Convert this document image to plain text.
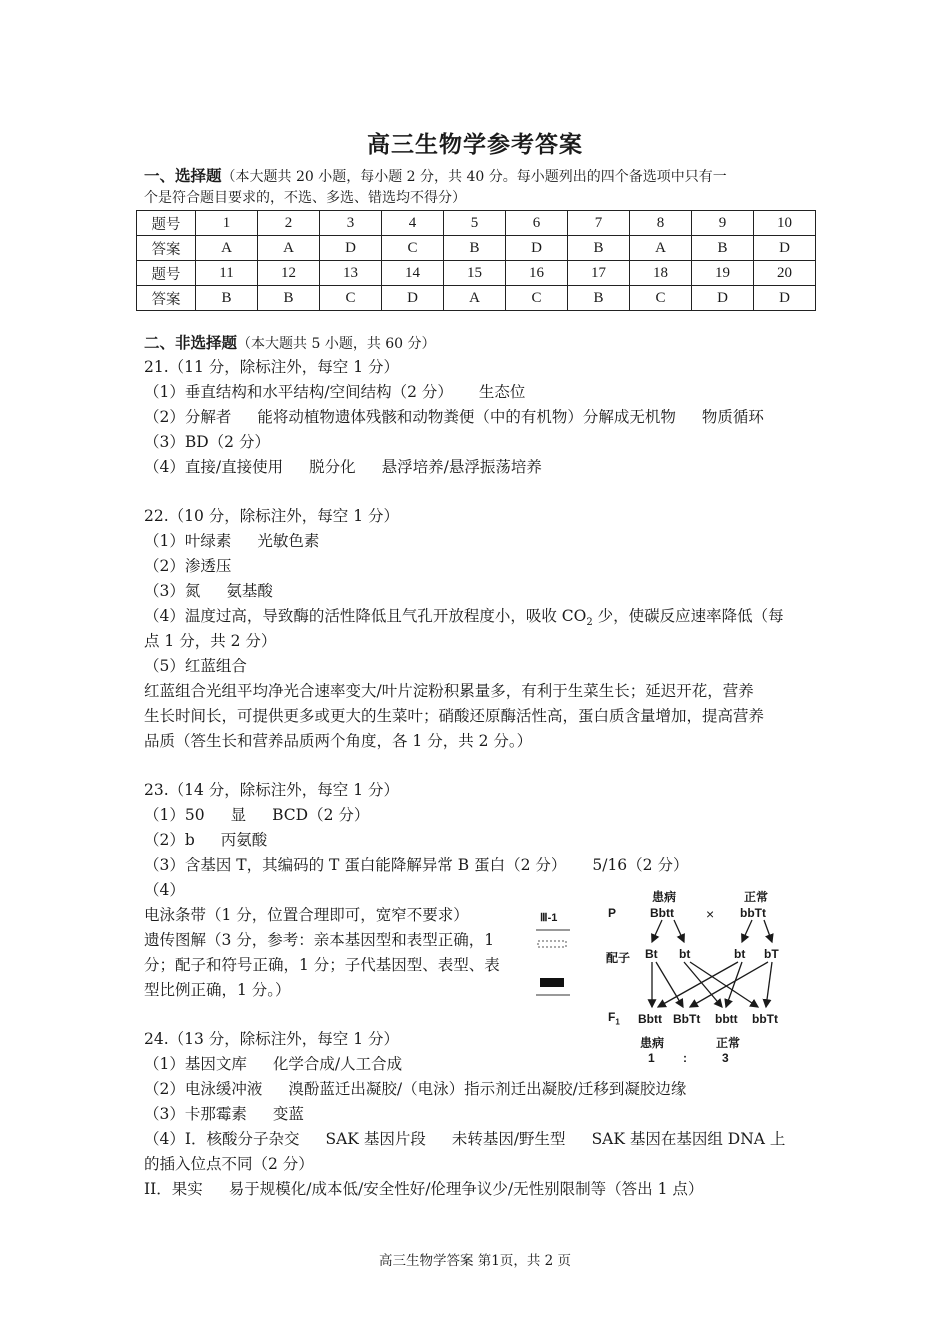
高三生物学参考答案
一、选择题（本大题共 20 小题，每小题 2 分，共 40 分。每小题列出的四个备选项中只有一
个是符合题目要求的，不选、多选、错选均不得分）
题号	1	2	3	4	5	6	7	8	9	10
答案	A	A	D	C	B	D	B	A	B	D
题号	11	12	13	14	15	16	17	18	19	20
答案	B	B	C	D	A	C	B	C	D	D
二、非选择题（本大题共 5 小题，共 60 分）
21.（11 分，除标注外，每空 1 分）
（1）垂直结构和水平结构/空间结构（2 分） 生态位
（2）分解者 能将动植物遗体残骸和动物粪便（中的有机物）分解成无机物 物质循环
（3）BD（2 分）
（4）直接/直接使用 脱分化 悬浮培养/悬浮振荡培养
22.（10 分，除标注外，每空 1 分）
（1）叶绿素 光敏色素
（2）渗透压
（3）氮 氨基酸
（4）温度过高，导致酶的活性降低且气孔开放程度小，吸收 $CO_2$ 少，使碳反应速率降低（每
点 1 分，共 2 分）
（5）红蓝组合
红蓝组合光组平均净光合速率变大/叶片淀粉积累量多，有利于生菜生长；延迟开花，营养
生长时间长，可提供更多或更大的生菜叶；硝酸还原酶活性高，蛋白质含量增加，提高营养
品质（答生长和营养品质两个角度，各 1 分，共 2 分。）
23.（14 分，除标注外，每空 1 分）
（1）50 显 BCD（2 分）
（2）b 丙氨酸
（3）含基因 T，其编码的 T 蛋白能降解异常 B 蛋白（2 分） 5/16（2 分）
（4）
电泳条带（1 分，位置合理即可，宽窄不要求）
遗传图解（3 分，参考：亲本基因型和表型正确，1
分；配子和符号正确，1 分；子代基因型、表型、表
型比例正确，1 分。）
Ⅲ-1
患病	正常
P	Bbtt × bbTt
配子 Bt bt	bt bT
$F_1$ Bbtt BbTt bbtt bbTt
患病	正常
1 :	3
24.（13 分，除标注外，每空 1 分）
（1）基因文库 化学合成/人工合成
（2）电泳缓冲液 溴酚蓝迁出凝胶/（电泳）指示剂迁出凝胶/迁移到凝胶边缘
（3）卡那霉素 变蓝
（4）I．核酸分子杂交 SAK 基因片段 未转基因/野生型 SAK 基因在基因组 DNA 上
的插入位点不同（2 分）
II．果实 易于规模化/成本低/安全性好/伦理争议少/无性别限制等（答出 1 点）
高三生物学答案 第1页，共 2 页
